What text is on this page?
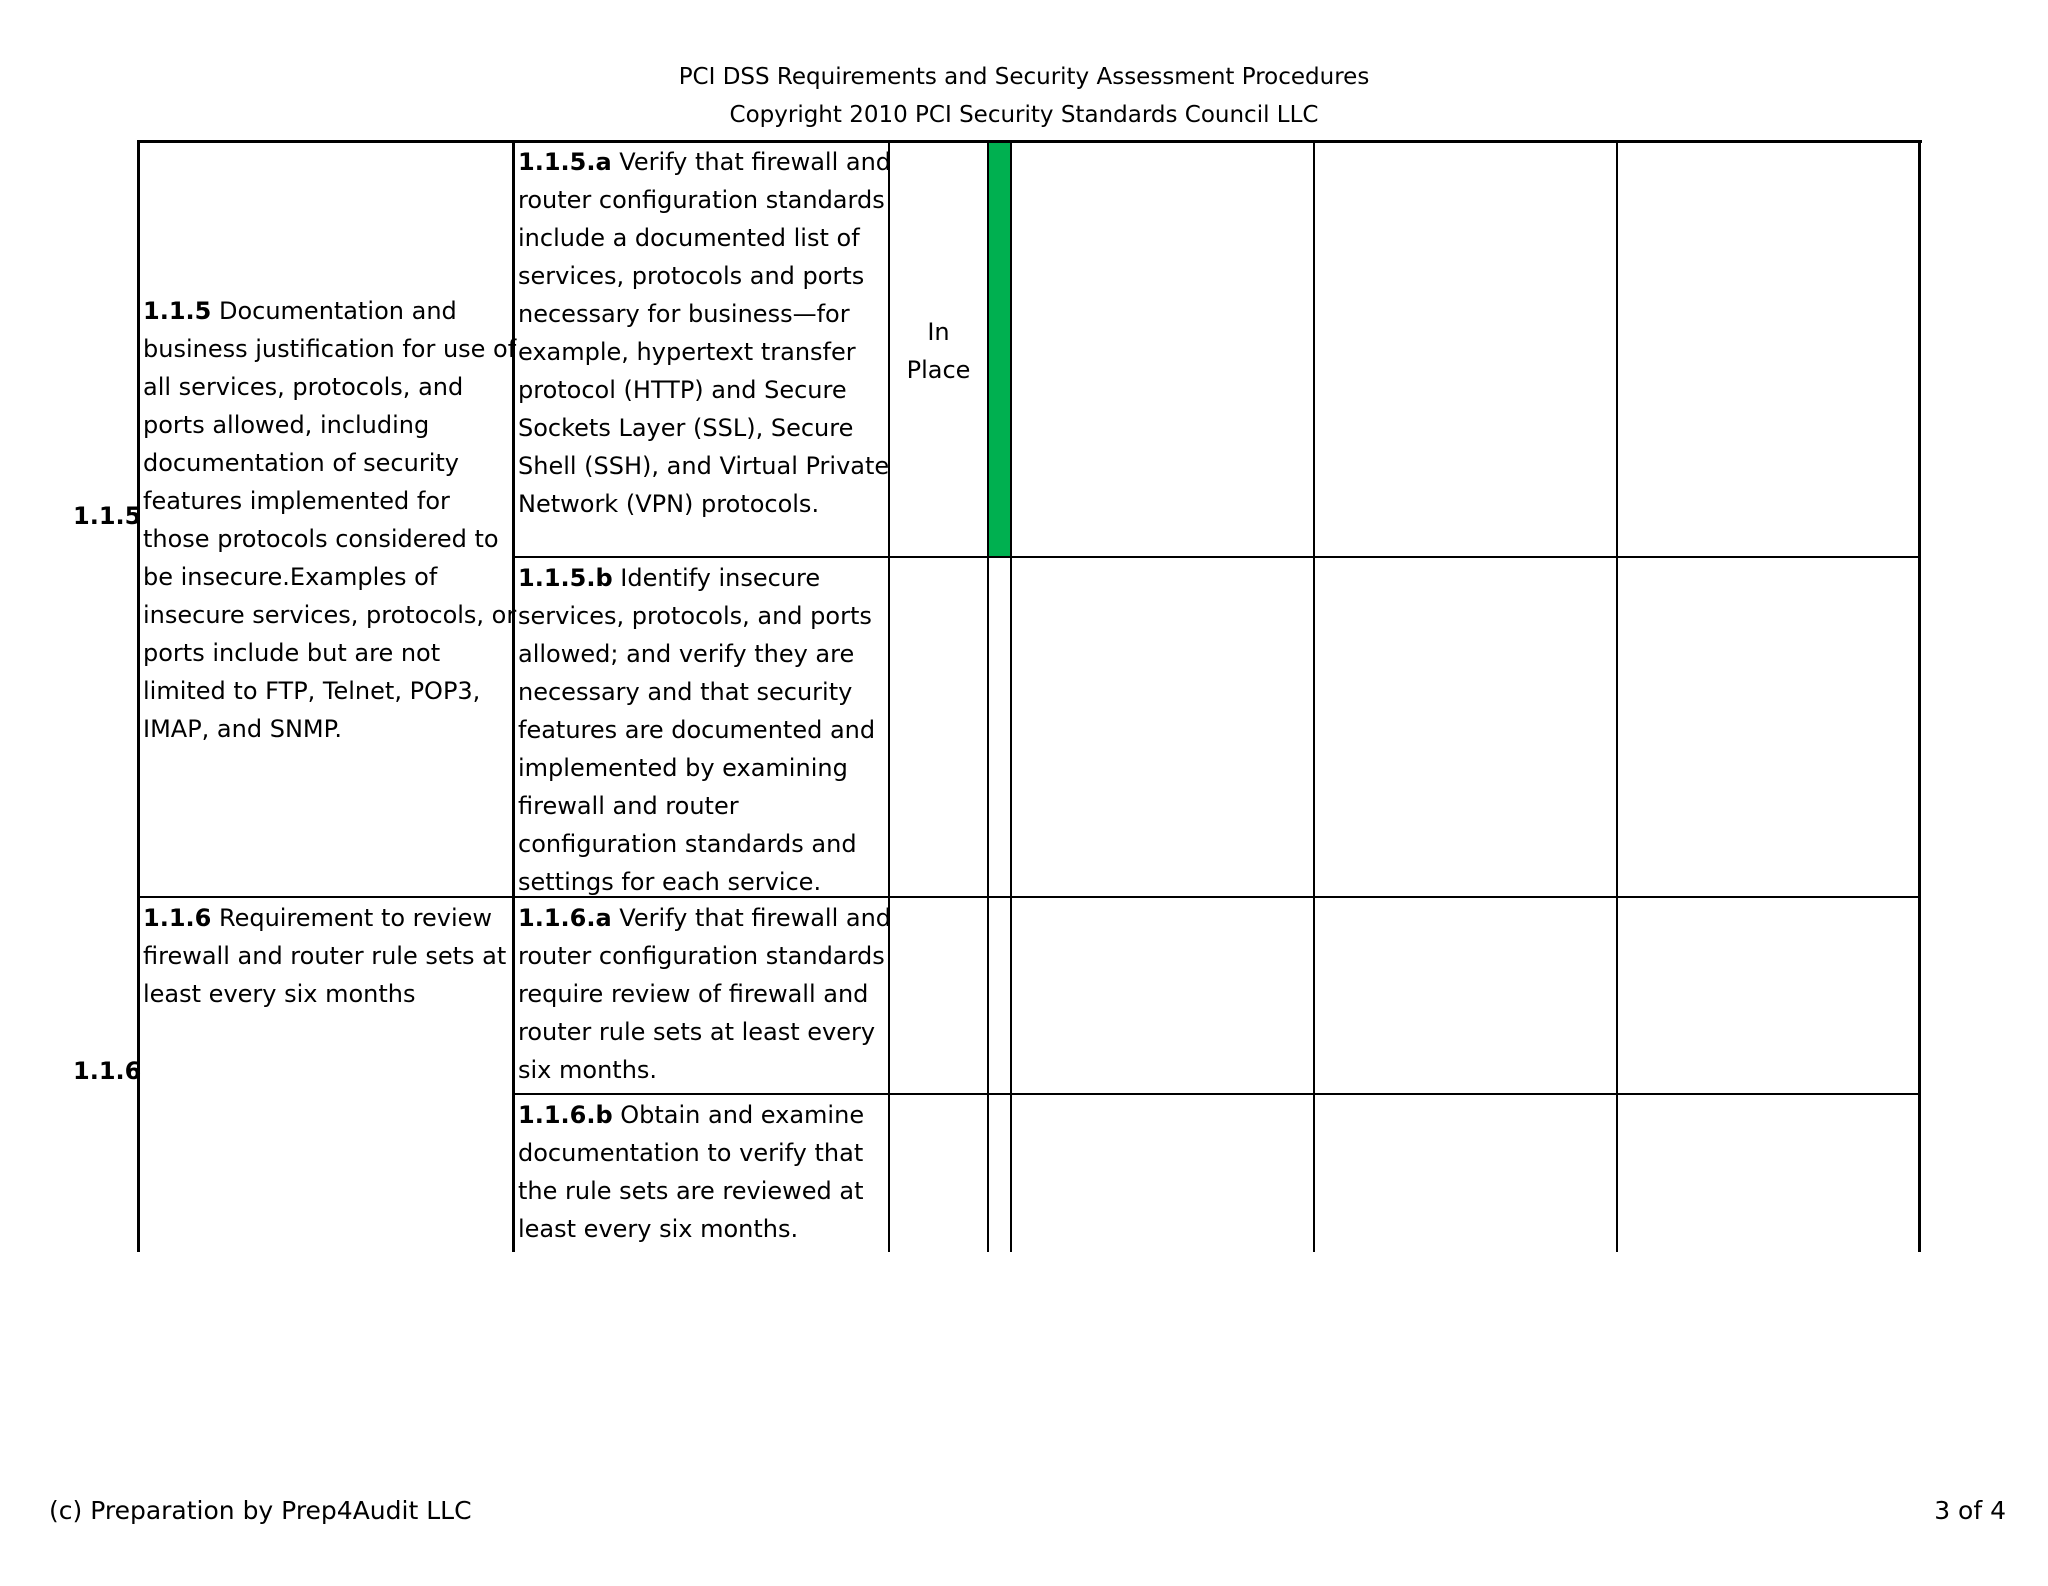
PCI DSS Requirements and Security Assessment Procedures
Copyright 2010 PCI Security Standards Council LLC
1.1.5
1.1.5 Documentation and
business justification for use of
all services, protocols, and
ports allowed, including
documentation of security
features implemented for
those protocols considered to
be insecure.Examples of
insecure services, protocols, or
ports include but are not
limited to FTP, Telnet, POP3,
IMAP, and SNMP.
1.1.5.a Verify that firewall and
router configuration standards
include a documented list of
services, protocols and ports
necessary for business—for
example, hypertext transfer
protocol (HTTP) and Secure
Sockets Layer (SSL), Secure
Shell (SSH), and Virtual Private
Network (VPN) protocols.
In
Place
1.1.5.b Identify insecure
services, protocols, and ports
allowed; and verify they are
necessary and that security
features are documented and
implemented by examining
firewall and router
configuration standards and
settings for each service.
1.1.6
1.1.6 Requirement to review
firewall and router rule sets at
least every six months
1.1.6.a Verify that firewall and
router configuration standards
require review of firewall and
router rule sets at least every
six months.
1.1.6.b Obtain and examine
documentation to verify that
the rule sets are reviewed at
least every six months.
(c) Preparation by Prep4Audit LLC	3 of 4
